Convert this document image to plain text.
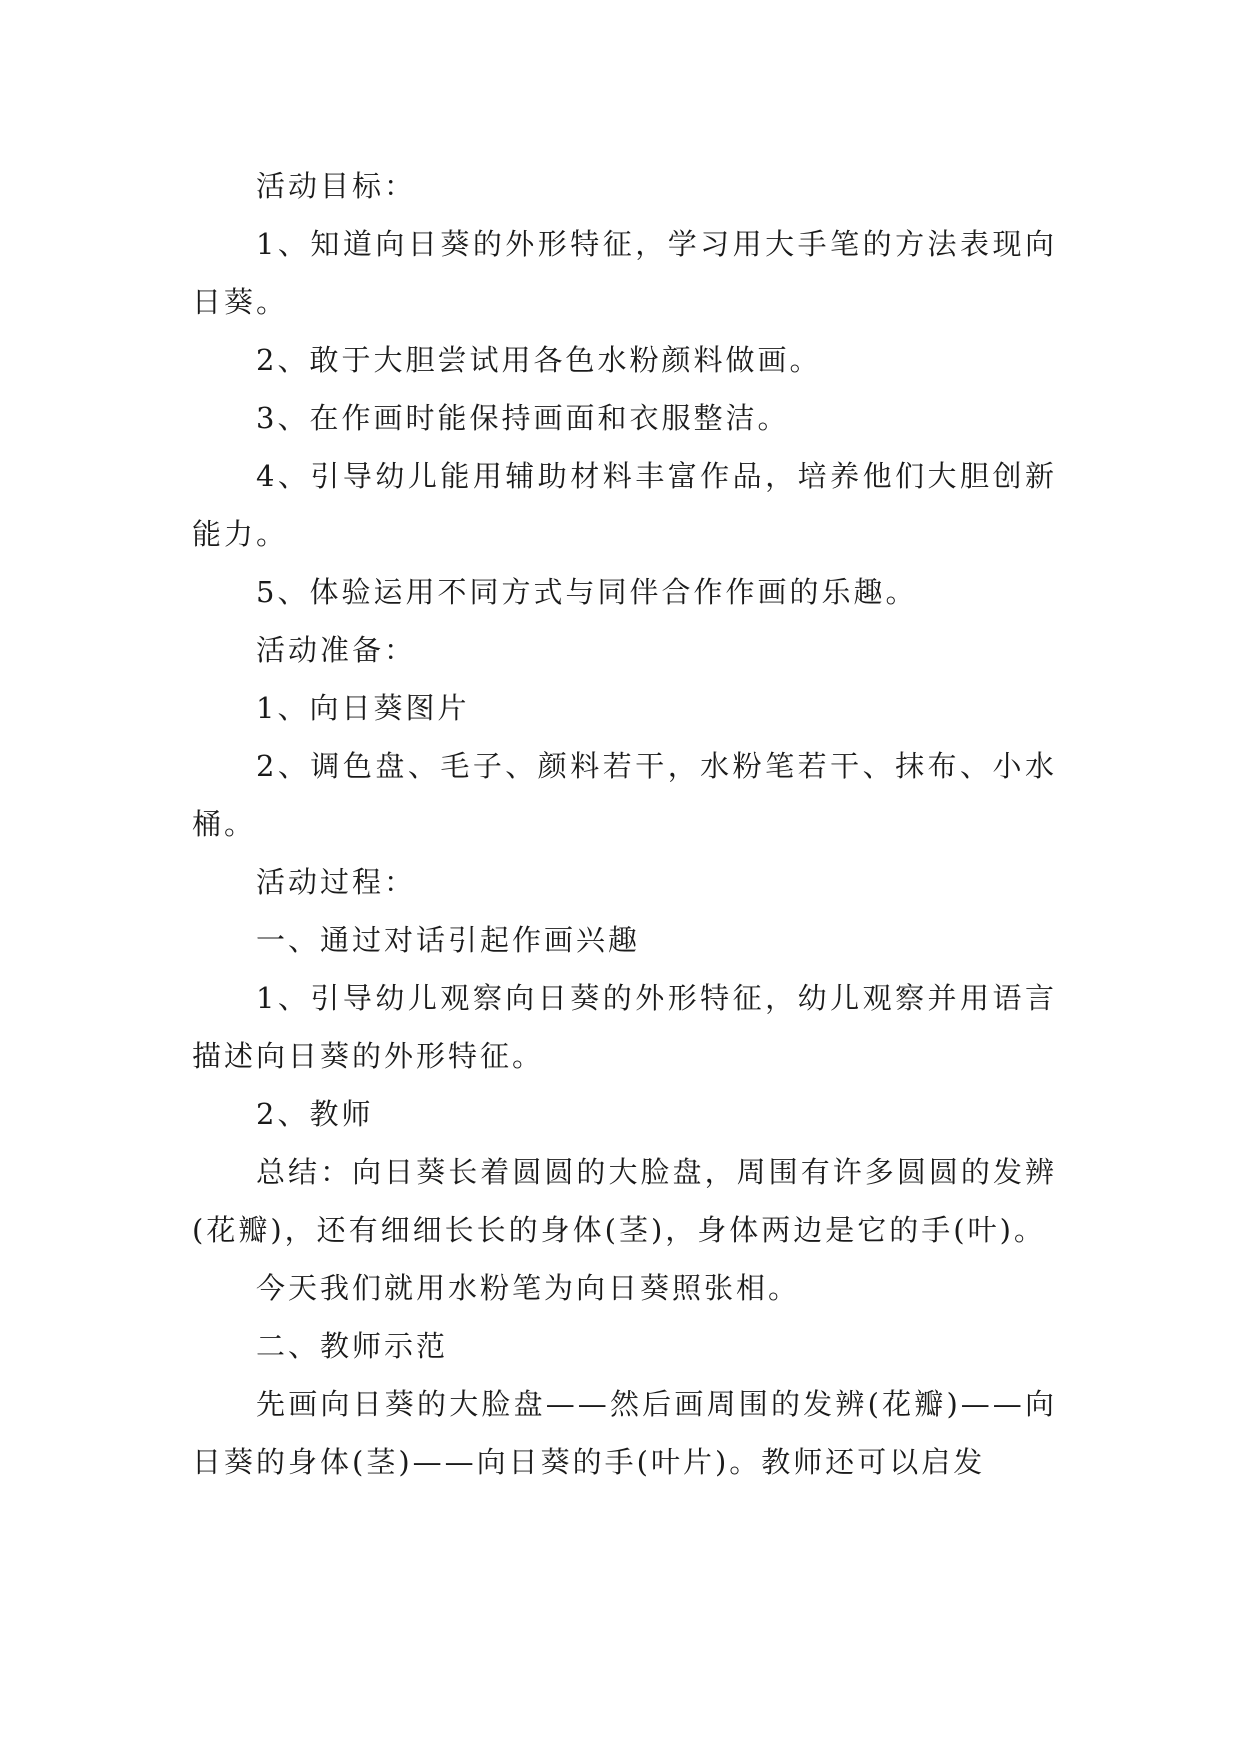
活动目标：

1、知道向日葵的外形特征，学习用大手笔的方法表现向日葵。

2、敢于大胆尝试用各色水粉颜料做画。

3、在作画时能保持画面和衣服整洁。

4、引导幼儿能用辅助材料丰富作品，培养他们大胆创新能力。

5、体验运用不同方式与同伴合作作画的乐趣。

活动准备：

1、向日葵图片

2、调色盘、毛子、颜料若干，水粉笔若干、抹布、小水桶。

活动过程：

一、通过对话引起作画兴趣

1、引导幼儿观察向日葵的外形特征，幼儿观察并用语言描述向日葵的外形特征。

2、教师

总结：向日葵长着圆圆的大脸盘，周围有许多圆圆的发辨(花瓣)，还有细细长长的身体(茎)，身体两边是它的手(叶)。

今天我们就用水粉笔为向日葵照张相。

二、教师示范

先画向日葵的大脸盘——然后画周围的发辨(花瓣)——向日葵的身体(茎)——向日葵的手(叶片)。教师还可以启发
